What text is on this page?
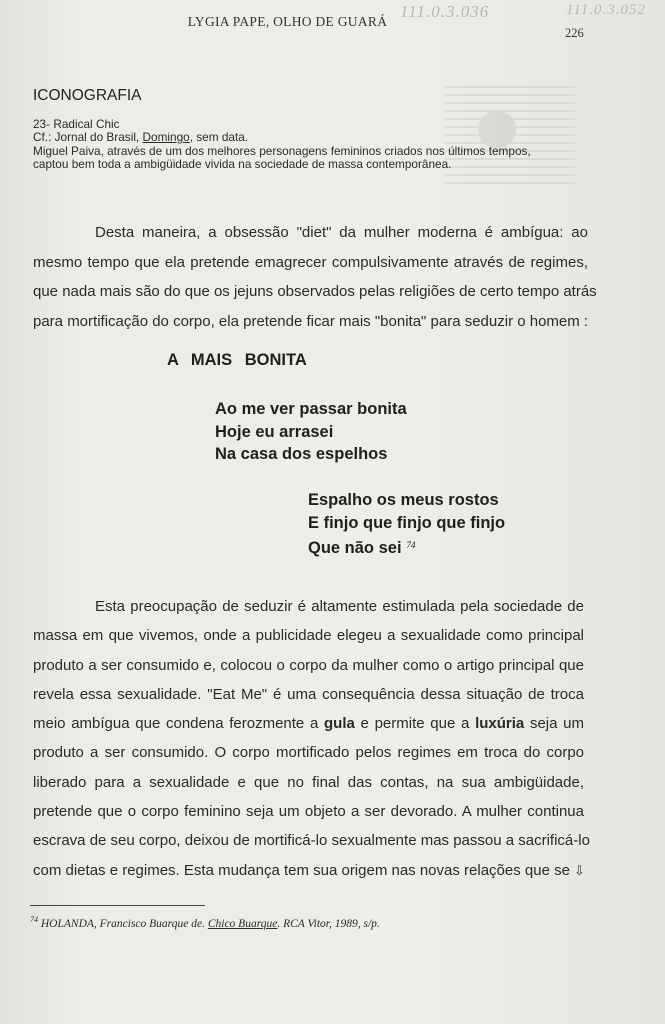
111.0.3.036	111.0.3.052
LYGIA PAPE, OLHO DE GUARÁ
226
ICONOGRAFIA
23- Radical Chic
Cf.: Jornal do Brasil, Domingo, sem data.
Miguel Paiva, através de um dos melhores personagens femininos criados nos últimos tempos,
captou bem toda a ambigüidade vivida na sociedade de massa contemporânea.
Desta maneira, a obsessão "diet" da mulher moderna é ambígua: ao
mesmo tempo que ela pretende emagrecer compulsivamente através de regimes,
que nada mais são do que os jejuns observados pelas religiões de certo tempo atrás
para mortificação do corpo, ela pretende ficar mais "bonita" para seduzir o homem :
A MAIS BONITA
Ao me ver passar bonita
Hoje eu arrasei
Na casa dos espelhos
Espalho os meus rostos
E finjo que finjo que finjo
Que não sei $^{74}$
Esta preocupação de seduzir é altamente estimulada pela sociedade de
massa em que vivemos, onde a publicidade elegeu a sexualidade como principal
produto a ser consumido e, colocou o corpo da mulher como o artigo principal que
revela essa sexualidade. "Eat Me" é uma consequência dessa situação de troca
meio ambígua que condena ferozmente a gula e permite que a luxúria seja um
produto a ser consumido. O corpo mortificado pelos regimes em troca do corpo
liberado para a sexualidade e que no final das contas, na sua ambigüidade,
pretende que o corpo feminino seja um objeto a ser devorado. A mulher continua
escrava de seu corpo, deixou de mortificá-lo sexualmente mas passou a sacrificá-lo
com dietas e regimes. Esta mudança tem sua origem nas novas relações que se ⇩
$^{74}$ HOLANDA, Francisco Buarque de. Chico Buarque. RCA Vitor, 1989, s/p.
